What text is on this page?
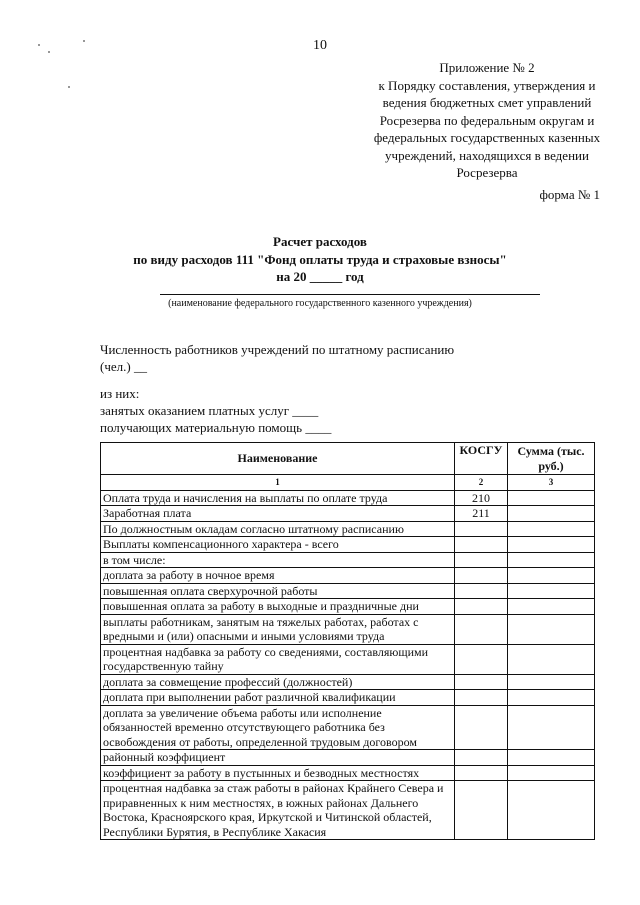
10
Приложение № 2
к Порядку составления, утверждения и
ведения бюджетных смет управлений
Росрезерва по федеральным округам и
федеральных государственных казенных
учреждений, находящихся в ведении
Росрезерва
форма № 1
Расчет расходов
по виду расходов 111 "Фонд оплаты труда и страховые взносы"
на 20 _____ год
(наименование федерального государственного казенного учреждения)
Численность работников учреждений по штатному расписанию
(чел.) __
из них:
занятых оказанием платных услуг ____
получающих материальную помощь ____
Наименование	КОСГУ	Сумма (тыс. руб.)
1	2	3
Оплата труда и начисления на выплаты по оплате труда	210	
Заработная плата	211	
По должностным окладам согласно штатному расписанию		
Выплаты компенсационного характера - всего		
в том числе:		
доплата за работу в ночное время		
повышенная оплата сверхурочной работы		
повышенная оплата за работу в выходные и праздничные дни		
выплаты работникам, занятым на тяжелых работах, работах с вредными и (или) опасными и иными условиями труда		
процентная надбавка за работу со сведениями, составляющими государственную тайну		
доплата за совмещение профессий (должностей)		
доплата при выполнении работ различной квалификации		
доплата за увеличение объема работы или исполнение обязанностей временно отсутствующего работника без освобождения от работы, определенной трудовым договором		
районный коэффициент		
коэффициент за работу в пустынных и безводных местностях		
процентная надбавка за стаж работы в районах Крайнего Севера и приравненных к ним местностях, в южных районах Дальнего Востока, Красноярского края, Иркутской и Читинской областей, Республики Бурятия, в Республике Хакасия		
